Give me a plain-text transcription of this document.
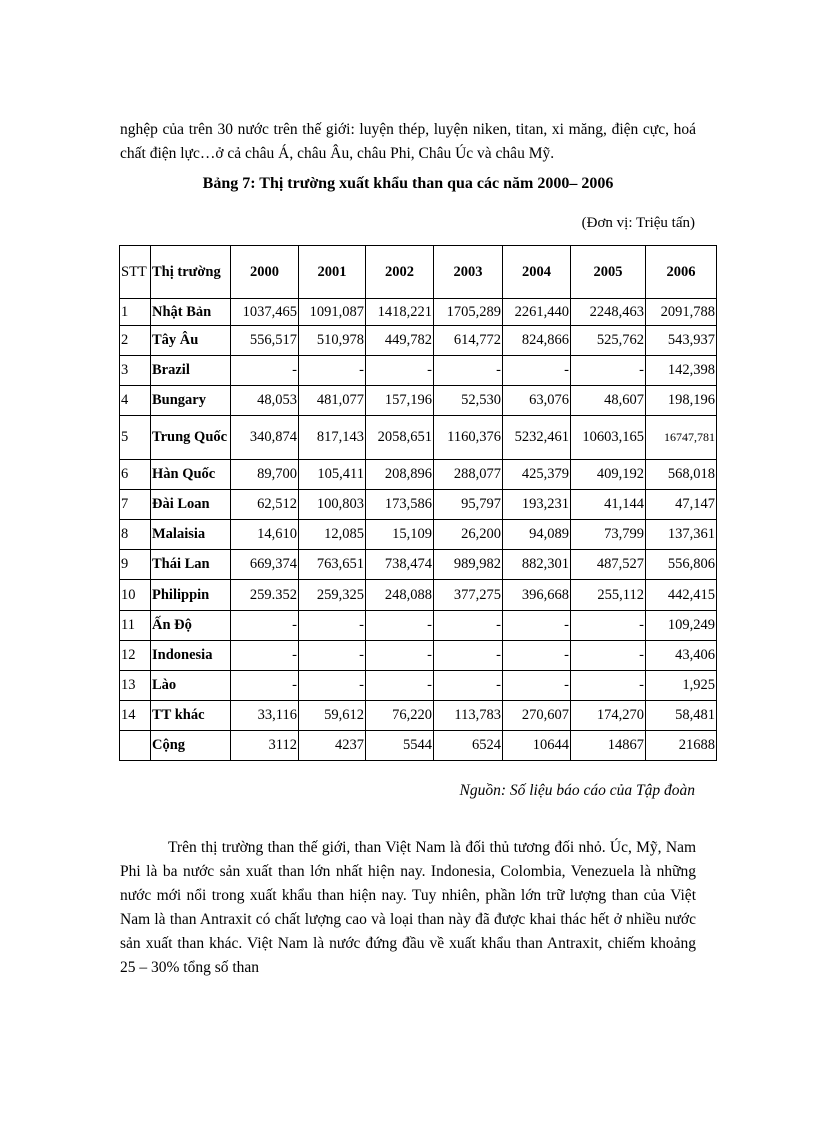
nghệp của trên 30 nước trên thế giới: luyện thép, luyện niken, titan, xi măng, điện cực, hoá chất điện lực…ở cả châu Á, châu Âu, châu Phi, Châu Úc và châu Mỹ.

Bảng 7: Thị trường xuất khẩu than qua các năm 2000– 2006
(Đơn vị: Triệu tấn)
STT	Thị trường	2000	2001	2002	2003	2004	2005	2006
1	Nhật Bản	1037,465	1091,087	1418,221	1705,289	2261,440	2248,463	2091,788
2	Tây Âu	556,517	510,978	449,782	614,772	824,866	525,762	543,937
3	Brazil	-	-	-	-	-	-	142,398
4	Bungary	48,053	481,077	157,196	52,530	63,076	48,607	198,196
5	Trung Quốc	340,874	817,143	2058,651	1160,376	5232,461	10603,165	16747,781
6	Hàn Quốc	89,700	105,411	208,896	288,077	425,379	409,192	568,018
7	Đài Loan	62,512	100,803	173,586	95,797	193,231	41,144	47,147
8	Malaisia	14,610	12,085	15,109	26,200	94,089	73,799	137,361
9	Thái Lan	669,374	763,651	738,474	989,982	882,301	487,527	556,806
10	Philippin	259.352	259,325	248,088	377,275	396,668	255,112	442,415
11	Ấn Độ	-	-	-	-	-	-	109,249
12	Indonesia	-	-	-	-	-	-	43,406
13	Lào	-	-	-	-	-	-	1,925
14	TT khác	33,116	59,612	76,220	113,783	270,607	174,270	58,481
	Cộng	3112	4237	5544	6524	10644	14867	21688
Nguồn: Số liệu báo cáo của Tập đoàn

Trên thị trường than thế giới, than Việt Nam là đối thủ tương đối nhỏ. Úc, Mỹ, Nam Phi là ba nước sản xuất than lớn nhất hiện nay. Indonesia, Colombia, Venezuela là những nước mới nổi trong xuất khẩu than hiện nay. Tuy nhiên, phần lớn trữ lượng than của Việt Nam là than Antraxit có chất lượng cao và loại than này đã được khai thác hết ở nhiều nước sản xuất than khác. Việt Nam là nước đứng đầu về xuất khẩu than Antraxit, chiếm khoảng 25 – 30% tổng số than
